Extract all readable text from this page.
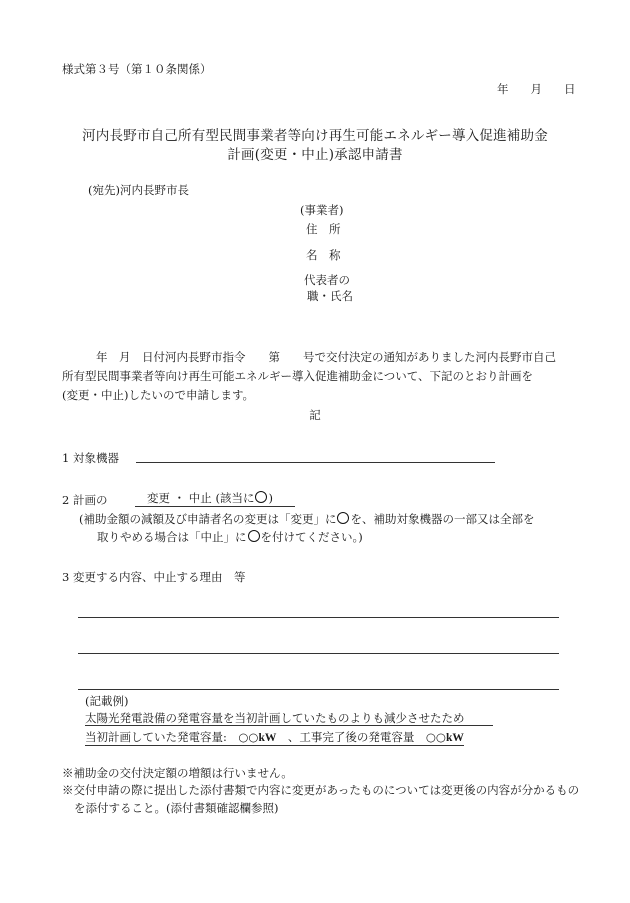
様式第３号（第１０条関係）
年 月 日
河内長野市自己所有型民間事業者等向け再生可能エネルギー導入促進補助金
計画(変更・中止)承認申請書
(宛先)河内長野市長
(事業者)
住　所
名　称
代表者の
職・氏名
年　月　日付河内長野市指令　　第　　号で交付決定の通知がありました河内長野市自己
所有型民間事業者等向け再生可能エネルギー導入促進補助金について、下記のとおり計画を
(変更・中止)したいので申請します。
記
1 対象機器
2 計画の	変更 ・ 中止 (該当に○)
(補助金額の減額及び申請者名の変更は「変更」に○を、補助対象機器の一部又は全部を
取りやめる場合は「中止」に○を付けてください。)
3 変更する内容、中止する理由　等
(記載例)
太陽光発電設備の発電容量を当初計画していたものよりも減少させたため
当初計画していた発電容量:　○○kW　、工事完了後の発電容量　○○kW
※補助金の交付決定額の増額は行いません。
※交付申請の際に提出した添付書類で内容に変更があったものについては変更後の内容が分かるもの
を添付すること。(添付書類確認欄参照)
